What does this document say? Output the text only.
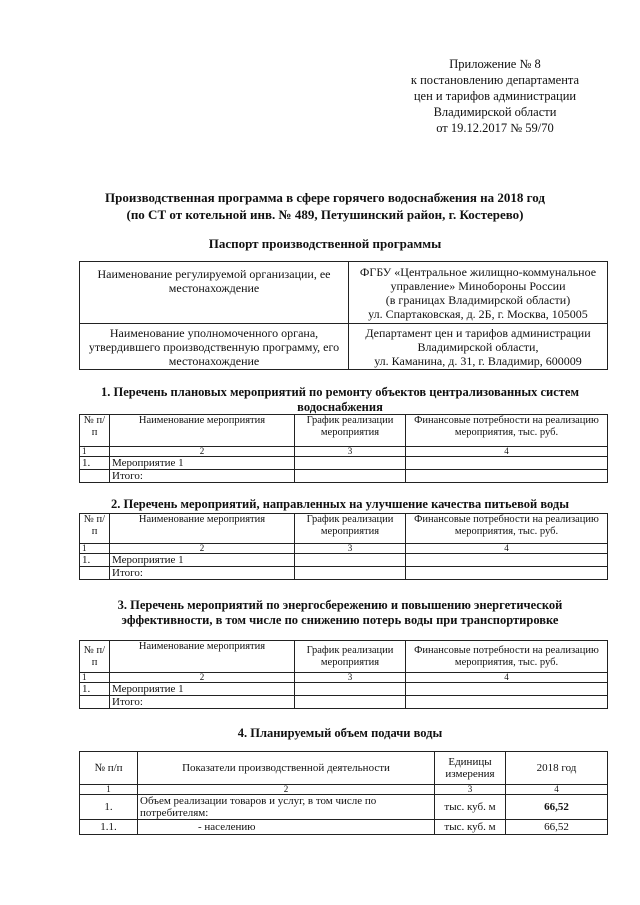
Приложение № 8
к постановлению департамента
цен и тарифов администрации
Владимирской области
от 19.12.2017 № 59/70
Производственная программа в сфере горячего водоснабжения на 2018 год
(по СТ от котельной инв. № 489, Петушинский район, г. Костерево)
Паспорт производственной программы
Наименование регулируемой организации, ее местонахождение	ФГБУ «Центральное жилищно-коммунальное
управление» Минобороны России
(в границах Владимирской области)
ул. Спартаковская, д. 2Б, г. Москва, 105005

Наименование уполномоченного органа, утвердившего производственную программу, его местонахождение	Департамент цен и тарифов администрации
Владимирской области,
ул. Каманина, д. 31, г. Владимир, 600009
1. Перечень плановых мероприятий по ремонту объектов централизованных систем водоснабжения
№ п/п	Наименование мероприятия	График реализации мероприятия	Финансовые потребности на реализацию мероприятия, тыс. руб.
1	2	3	4
1.	Мероприятие 1		
	Итого:		
2. Перечень мероприятий, направленных на улучшение качества питьевой воды
№ п/п	Наименование мероприятия	График реализации мероприятия	Финансовые потребности на реализацию мероприятия, тыс. руб.
1	2	3	4
1.	Мероприятие 1		
	Итого:		
3. Перечень мероприятий по энергосбережению и повышению энергетической
эффективности, в том числе по снижению потерь воды при транспортировке
№ п/п	Наименование мероприятия	График реализации мероприятия	Финансовые потребности на реализацию мероприятия, тыс. руб.
1	2	3	4
1.	Мероприятие 1		
	Итого:		
4. Планируемый объем подачи воды
№ п/п	Показатели производственной деятельности	Единицы измерения	2018 год
1	2	3	4
1.	Объем реализации товаров и услуг, в том числе по потребителям:	тыс. куб. м	66,52
1.1.	- населению	тыс. куб. м	66,52
